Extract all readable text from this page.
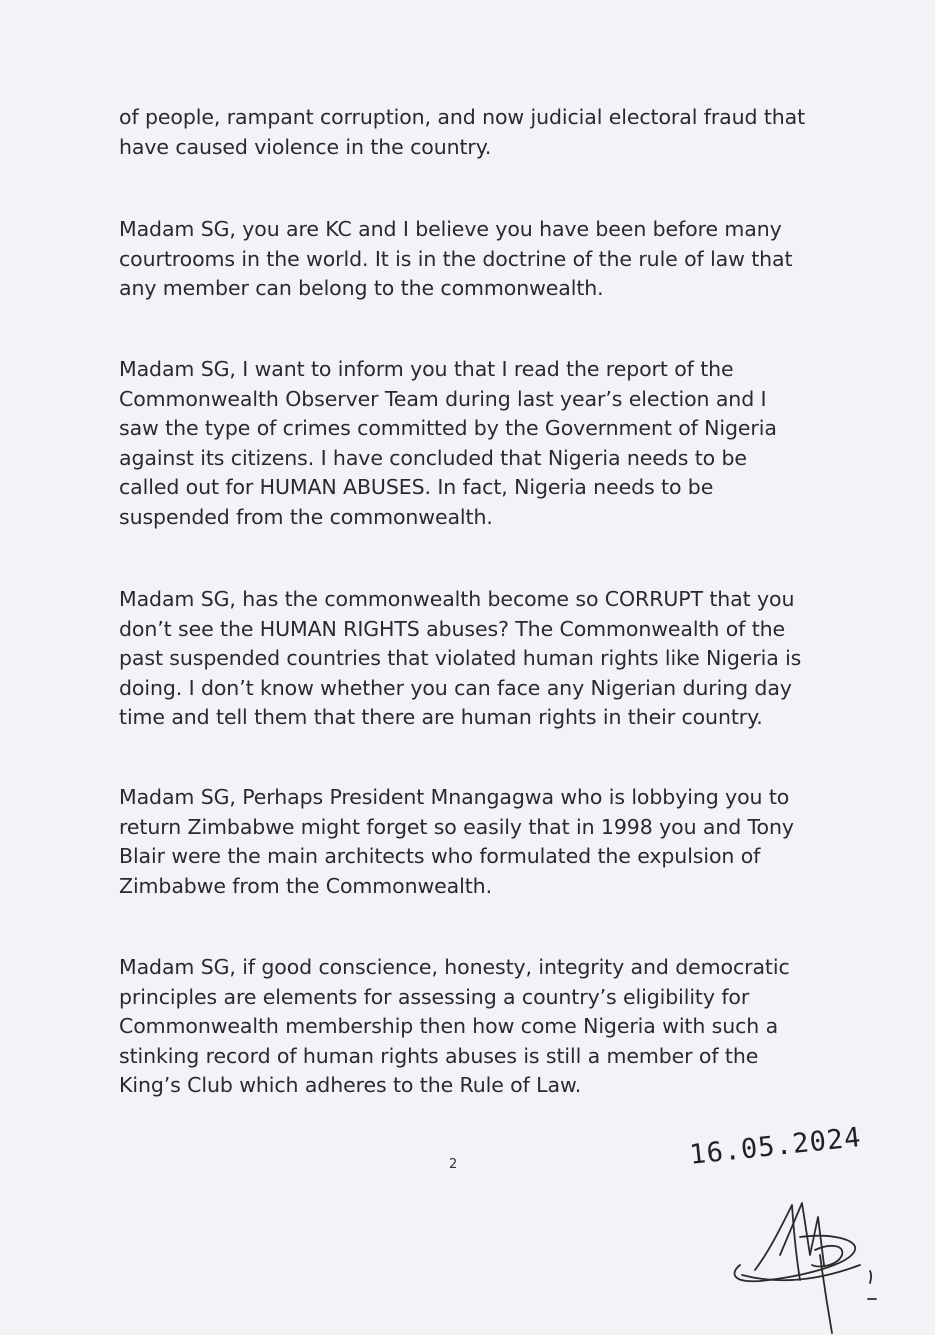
of people, rampant corruption, and now judicial electoral fraud that have caused violence in the country.

Madam SG, you are KC and I believe you have been before many courtrooms in the world. It is in the doctrine of the rule of law that any member can belong to the commonwealth.

Madam SG, I want to inform you that I read the report of the Commonwealth Observer Team during last year’s election and I saw the type of crimes committed by the Government of Nigeria against its citizens. I have concluded that Nigeria needs to be called out for HUMAN ABUSES. In fact, Nigeria needs to be suspended from the commonwealth.

Madam SG, has the commonwealth become so CORRUPT that you don’t see the HUMAN RIGHTS abuses? The Commonwealth of the past suspended countries that violated human rights like Nigeria is doing. I don’t know whether you can face any Nigerian during day time and tell them that there are human rights in their country.

Madam SG, Perhaps President Mnangagwa who is lobbying you to return Zimbabwe might forget so easily that in 1998 you and Tony Blair were the main architects who formulated the expulsion of Zimbabwe from the Commonwealth.

Madam SG, if good conscience, honesty, integrity and democratic principles are elements for assessing a country’s eligibility for Commonwealth membership then how come Nigeria with such a stinking record of human rights abuses is still a member of the King’s Club which adheres to the Rule of Law.

2	16.05.2024
